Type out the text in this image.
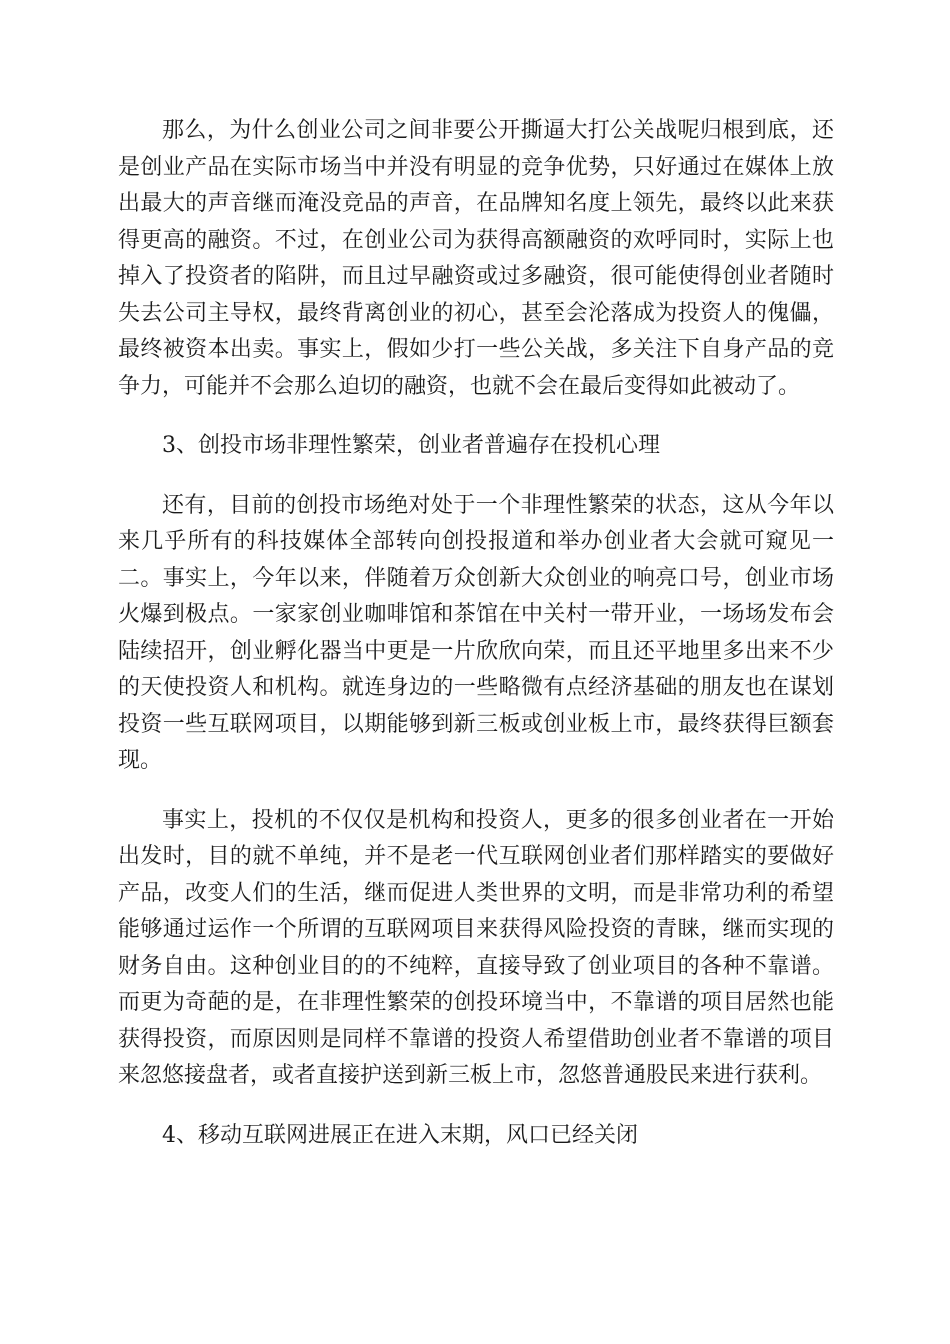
那么，为什么创业公司之间非要公开撕逼大打公关战呢归根到底，还是创业产品在实际市场当中并没有明显的竞争优势，只好通过在媒体上放出最大的声音继而淹没竞品的声音，在品牌知名度上领先，最终以此来获得更高的融资。不过，在创业公司为获得高额融资的欢呼同时，实际上也掉入了投资者的陷阱，而且过早融资或过多融资，很可能使得创业者随时失去公司主导权，最终背离创业的初心，甚至会沦落成为投资人的傀儡，最终被资本出卖。事实上，假如少打一些公关战，多关注下自身产品的竞争力，可能并不会那么迫切的融资，也就不会在最后变得如此被动了。

3、创投市场非理性繁荣，创业者普遍存在投机心理

还有，目前的创投市场绝对处于一个非理性繁荣的状态，这从今年以来几乎所有的科技媒体全部转向创投报道和举办创业者大会就可窥见一二。事实上，今年以来，伴随着万众创新大众创业的响亮口号，创业市场火爆到极点。一家家创业咖啡馆和茶馆在中关村一带开业，一场场发布会陆续招开，创业孵化器当中更是一片欣欣向荣，而且还平地里多出来不少的天使投资人和机构。就连身边的一些略微有点经济基础的朋友也在谋划投资一些互联网项目，以期能够到新三板或创业板上市，最终获得巨额套现。

事实上，投机的不仅仅是机构和投资人，更多的很多创业者在一开始出发时，目的就不单纯，并不是老一代互联网创业者们那样踏实的要做好产品，改变人们的生活，继而促进人类世界的文明，而是非常功利的希望能够通过运作一个所谓的互联网项目来获得风险投资的青睐，继而实现的财务自由。这种创业目的的不纯粹，直接导致了创业项目的各种不靠谱。而更为奇葩的是，在非理性繁荣的创投环境当中，不靠谱的项目居然也能获得投资，而原因则是同样不靠谱的投资人希望借助创业者不靠谱的项目来忽悠接盘者，或者直接护送到新三板上市，忽悠普通股民来进行获利。

4、移动互联网进展正在进入末期，风口已经关闭
